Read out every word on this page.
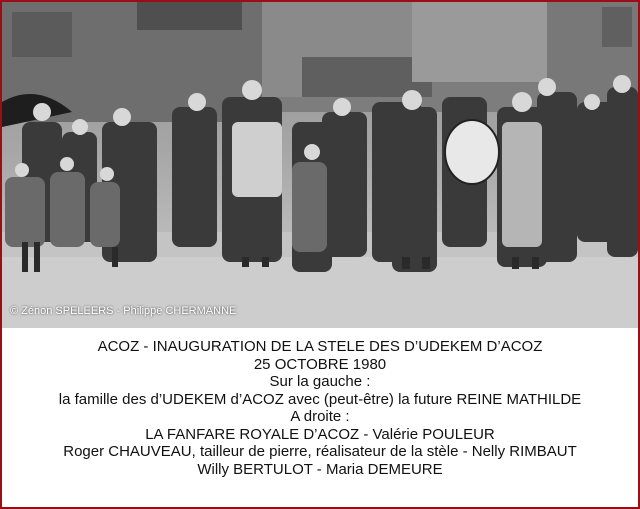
© Zénon SPELEERS - Philippe CHERMANNE
ACOZ - INAUGURATION DE LA STELE DES D’UDEKEM D’ACOZ
25 OCTOBRE 1980
Sur la gauche :
la famille des d’UDEKEM d’ACOZ avec (peut-être) la future REINE MATHILDE
A droite :
LA FANFARE ROYALE D’ACOZ - Valérie POULEUR
Roger CHAUVEAU, tailleur de pierre, réalisateur de la stèle - Nelly RIMBAUT
Willy BERTULOT - Maria DEMEURE
